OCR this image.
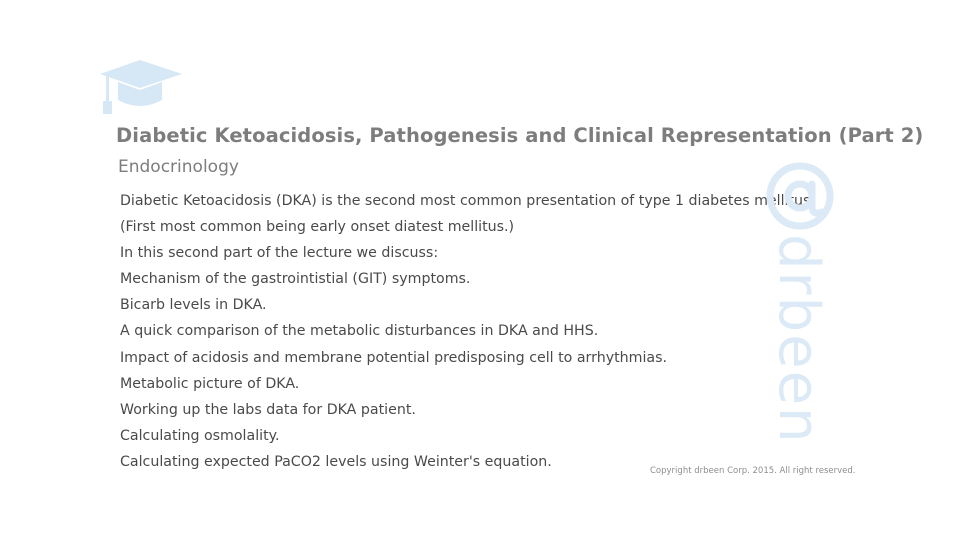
Diabetic Ketoacidosis, Pathogenesis and Clinical Representation (Part 2)
Endocrinology
Diabetic Ketoacidosis (DKA) is the second most common presentation of type 1 diabetes mellitus.
(First most common being early onset diatest mellitus.)
In this second part of the lecture we discuss:
Mechanism of the gastrointistial (GIT) symptoms.
Bicarb levels in DKA.
A quick comparison of the metabolic disturbances in DKA and HHS.
Impact of acidosis and membrane potential predisposing cell to arrhythmias.
Metabolic picture of DKA.
Working up the labs data for DKA patient.
Calculating osmolality.
Calculating expected PaCO2 levels using Weinter's equation.
drbeen
Copyright drbeen Corp. 2015. All right reserved.
